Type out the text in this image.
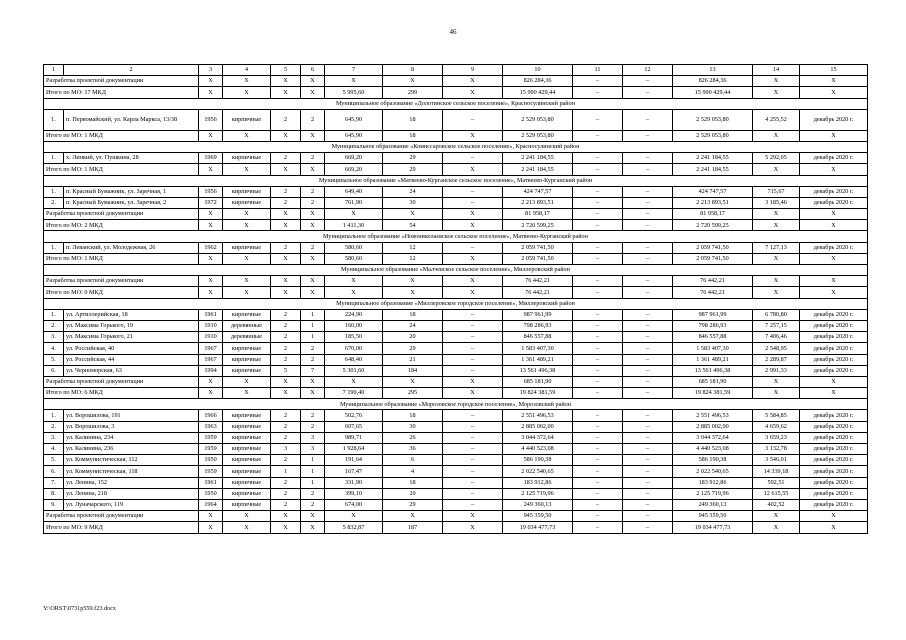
46
1	2	3	4	5	6	7	8	9	10	11	12	13	14	15
Разработка проектной документации		X	X	X	X	X	X	X	826 284,36	–	–	826 284,36	X	X
Итого по МО: 17 МКД		X	X	X	X	5 995,60	299	X	15 990 429,44	–	–	15 990 429,44	X	X
Муниципальное образование «Долотинское сельское поселение», Красносулинский район														
1.	п. Первомайский, ул. Карла Маркса, 13/38	1956	кирпичные	2	2	645,90	18	–	2 529 053,80	–	–	2 529 053,80	4 255,52	декабрь 2020 г.
Итого по МО: 1 МКД		X	X	X	X	645,90	18	X	2 529 053,80	–	–	2 529 053,80	X	X
Муниципальное образование «Комиссаровское сельское поселение», Красносулинский район														
1.	х. Липкий, ул. Пушкина, 28	1969	кирпичные	2	2	669,20	29	–	2 241 184,55	–	–	2 241 184,55	5 292,05	декабрь 2020 г.
Итого по МО: 1 МКД		X	X	X	X	669,20	29	X	2 241 184,55	–	–	2 241 184,55	X	X
Муниципальное образование «Матвеево-Курганское сельское поселение», Матвеево-Курганский район														
1.	п. Красный Бумажник, ул. Заречная, 1	1956	кирпичные	2	2	649,40	24	–	424 747,57	–	–	424 747,57	715,67	декабрь 2020 г.
2.	п. Красный Бумажник, ул. Заречная, 2	1972	кирпичные	2	2	761,90	30	–	2 213 893,51	–	–	2 213 893,51	3 185,46	декабрь 2020 г.
Разработка проектной документации		X	X	X	X	X	X	X	81 958,17	–	–	81 958,17	X	X
Итого по МО: 2 МКД		X	X	X	X	1 411,30	54	X	2 720 599,25	–	–	2 720 599,25	X	X
Муниципальное образование «Новониколаевское сельское поселение», Матвеево-Курганский район														
1.	п. Леванский, ул. Молодежная, 26	1962	кирпичные	2	2	580,60	12	–	2 059 741,50	–	–	2 059 741,50	7 127,13	декабрь 2020 г.
Итого по МО: 1 МКД		X	X	X	X	580,60	12	X	2 059 741,50	–	–	2 059 741,50	X	X
Муниципальное образование «Малчевское сельское поселение», Миллеровский район														
Разработка проектной документации		X	X	X	X	X	X	X	76 442,21	–	–	76 442,21	X	X
Итого по МО: 0 МКД		X	X	X	X	X	X	X	76 442,21	–	–	76 442,21	X	X
Муниципальное образование «Миллеровское городское поселение», Миллеровский район														
1.	ул. Артиллерийская, 18	1961	кирпичные	2	1	224,90	18	–	987 961,99	–	–	987 961,99	6 780,80	декабрь 2020 г.
2.	ул. Максима Горького, 19	1910	деревянные	2	1	160,00	24	–	798 286,93	–	–	798 286,93	7 257,15	декабрь 2020 г.
3.	ул. Максима Горького, 21	1910	деревянные	2	1	185,50	20	–	846 557,88	–	–	846 557,88	7 406,46	декабрь 2020 г.
4.	ул. Российская, 40	1967	кирпичные	2	2	670,00	29	–	1 583 407,30	–	–	1 583 407,30	2 548,95	декабрь 2020 г.
5.	ул. Российская, 44	1967	кирпичные	2	2	648,40	21	–	1 361 489,21	–	–	1 361 489,21	2 289,87	декабрь 2020 г.
6.	ул. Черноморская, 63	1994	кирпичные	5	7	5 301,60	184	–	13 561 496,38	–	–	13 561 496,38	2 991,33	декабрь 2020 г.
Разработка проектной документации		X	X	X	X	X	X	X	685 181,90	–	–	685 181,90	X	X
Итого по МО: 6 МКД		X	X	X	X	7 190,40	295	X	19 824 381,59	–	–	19 824 381,59	X	X
Муниципальное образование «Морозовское городское поселение», Морозовский район														
1.	ул. Ворошилова, 191	1966	кирпичные	2	2	502,76	18	–	2 551 496,53	–	–	2 551 496,53	5 584,85	декабрь 2020 г.
2.	ул. Ворошилова, 3	1963	кирпичные	2	2	607,65	30	–	2 885 002,00	–	–	2 885 002,00	4 659,62	декабрь 2020 г.
3.	ул. Калинина, 234	1959	кирпичные	2	3	989,71	26	–	3 044 372,64	–	–	3 044 372,64	3 659,23	декабрь 2020 г.
4.	ул. Калинина, 236	1959	кирпичные	3	3	1 928,64	36	–	4 440 523,08	–	–	4 440 523,08	3 132,78	декабрь 2020 г.
5.	ул. Коммунистическая, 112	1950	кирпичные	2	1	191,64	6	–	586 190,38	–	–	586 190,38	3 546,01	декабрь 2020 г.
6.	ул. Коммунистическая, 118	1959	кирпичные	1	1	167,47	4	–	2 022 540,65	–	–	2 022 540,65	14 339,18	декабрь 2020 г.
7.	ул. Ленина, 152	1961	кирпичные	2	1	331,90	18	–	183 912,86	–	–	183 912,86	592,51	декабрь 2020 г.
8.	ул. Ленина, 218	1950	кирпичные	2	2	399,10	20	–	2 125 719,96	–	–	2 125 719,96	12 615,55	декабрь 2020 г.
9.	ул. Луначарского, 119	1964	кирпичные	2	2	674,00	29	–	249 360,13	–	–	249 360,13	402,52	декабрь 2020 г.
Разработка проектной документации		X	X	X	X	X	X	X	945 359,50	–	–	945 359,50	X	X
Итого по МО: 9 МКД		X	X	X	X	5 832,87	187	X	19 034 477,73	–	–	19 034 477,73	X	X
Y:\ORST\0731p559.f23.docx
